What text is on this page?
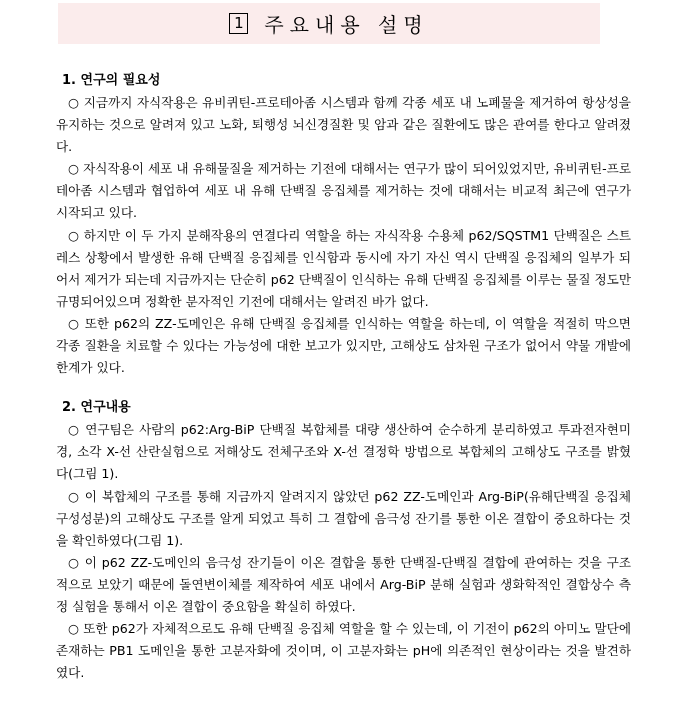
1 주요내용 설명
1. 연구의 필요성
○ 지금까지 자식작용은 유비퀴틴-프로테아좀 시스템과 함께 각종 세포 내 노폐물을 제거하여 항상성을 유지하는 것으로 알려져 있고 노화, 퇴행성 뇌신경질환 및 암과 같은 질환에도 많은 관여를 한다고 알려졌다.
○ 자식작용이 세포 내 유해물질을 제거하는 기전에 대해서는 연구가 많이 되어있었지만, 유비퀴틴-프로테아좀 시스템과 협업하여 세포 내 유해 단백질 응집체를 제거하는 것에 대해서는 비교적 최근에 연구가 시작되고 있다.
○ 하지만 이 두 가지 분해작용의 연결다리 역할을 하는 자식작용 수용체 p62/SQSTM1 단백질은 스트레스 상황에서 발생한 유해 단백질 응집체를 인식함과 동시에 자기 자신 역시 단백질 응집체의 일부가 되어서 제거가 되는데 지금까지는 단순히 p62 단백질이 인식하는 유해 단백질 응집체를 이루는 물질 정도만 규명되어있으며 정확한 분자적인 기전에 대해서는 알려진 바가 없다.
○ 또한 p62의 ZZ-도메인은 유해 단백질 응집체를 인식하는 역할을 하는데, 이 역할을 적절히 막으면 각종 질환을 치료할 수 있다는 가능성에 대한 보고가 있지만, 고해상도 삼차원 구조가 없어서 약물 개발에 한계가 있다.
2. 연구내용
○ 연구팀은 사람의 p62:Arg-BiP 단백질 복합체를 대량 생산하여 순수하게 분리하였고 투과전자현미경, 소각 X-선 산란실험으로 저해상도 전체구조와 X-선 결정학 방법으로 복합체의 고해상도 구조를 밝혔다(그림 1).
○ 이 복합체의 구조를 통해 지금까지 알려지지 않았던 p62 ZZ-도메인과 Arg-BiP(유해단백질 응집체 구성성분)의 고해상도 구조를 알게 되었고 특히 그 결합에 음극성 잔기를 통한 이온 결합이 중요하다는 것을 확인하였다(그림 1).
○ 이 p62 ZZ-도메인의 음극성 잔기들이 이온 결합을 통한 단백질-단백질 결합에 관여하는 것을 구조적으로 보았기 때문에 돌연변이체를 제작하여 세포 내에서 Arg-BiP 분해 실험과 생화학적인 결합상수 측정 실험을 통해서 이온 결합이 중요함을 확실히 하였다.
○ 또한 p62가 자체적으로도 유해 단백질 응집체 역할을 할 수 있는데, 이 기전이 p62의 아미노 말단에 존재하는 PB1 도메인을 통한 고분자화에 것이며, 이 고분자화는 pH에 의존적인 현상이라는 것을 발견하였다.
